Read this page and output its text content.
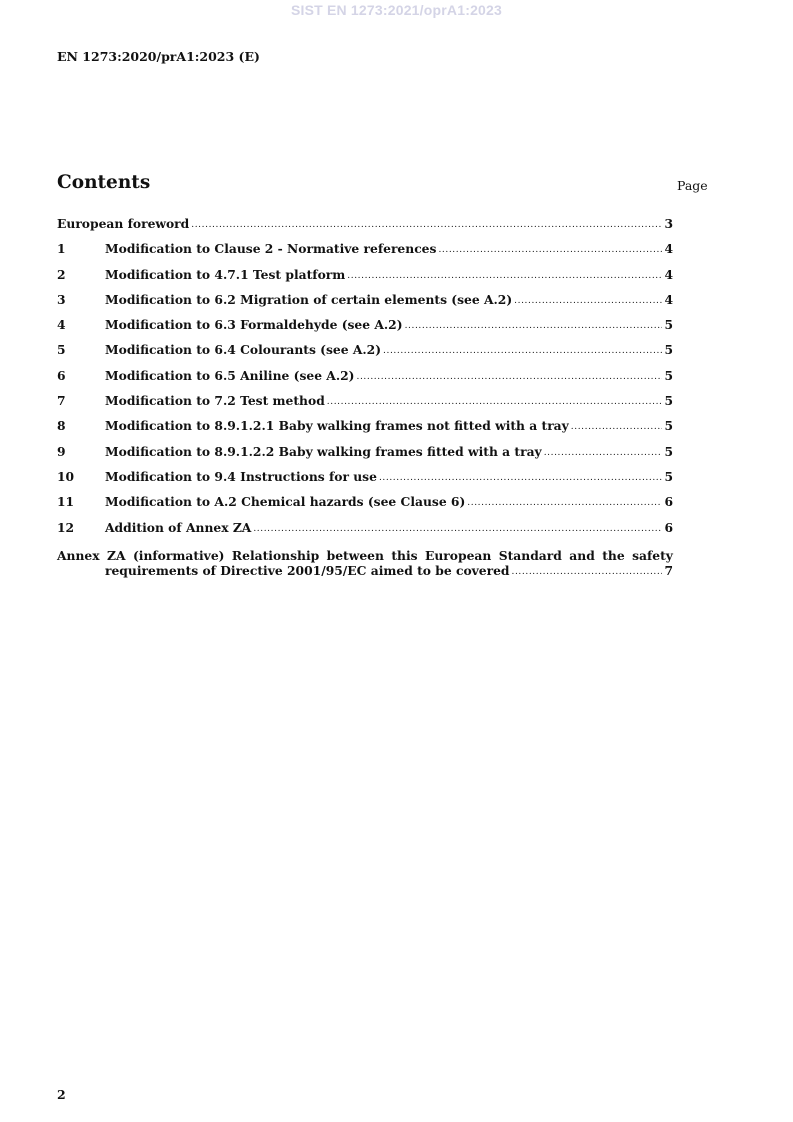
SIST EN 1273:2021/oprA1:2023
EN 1273:2020/prA1:2023 (E)
Contents	Page
European foreword .....	3
1	Modification to Clause 2 - Normative references .....	4
2	Modification to 4.7.1 Test platform .....	4
3	Modification to 6.2 Migration of certain elements (see A.2) .....	4
4	Modification to 6.3 Formaldehyde (see A.2) .....	5
5	Modification to 6.4 Colourants (see A.2) .....	5
6	Modification to 6.5 Aniline (see A.2) .....	5
7	Modification to 7.2 Test method .....	5
8	Modification to 8.9.1.2.1 Baby walking frames not fitted with a tray .....	5
9	Modification to 8.9.1.2.2 Baby walking frames fitted with a tray .....	5
10	Modification to 9.4 Instructions for use .....	5
11	Modification to A.2 Chemical hazards (see Clause 6) .....	6
12	Addition of Annex ZA .....	6
Annex ZA (informative) Relationship between this European Standard and the safety
requirements of Directive 2001/95/EC aimed to be covered .....	7
2
